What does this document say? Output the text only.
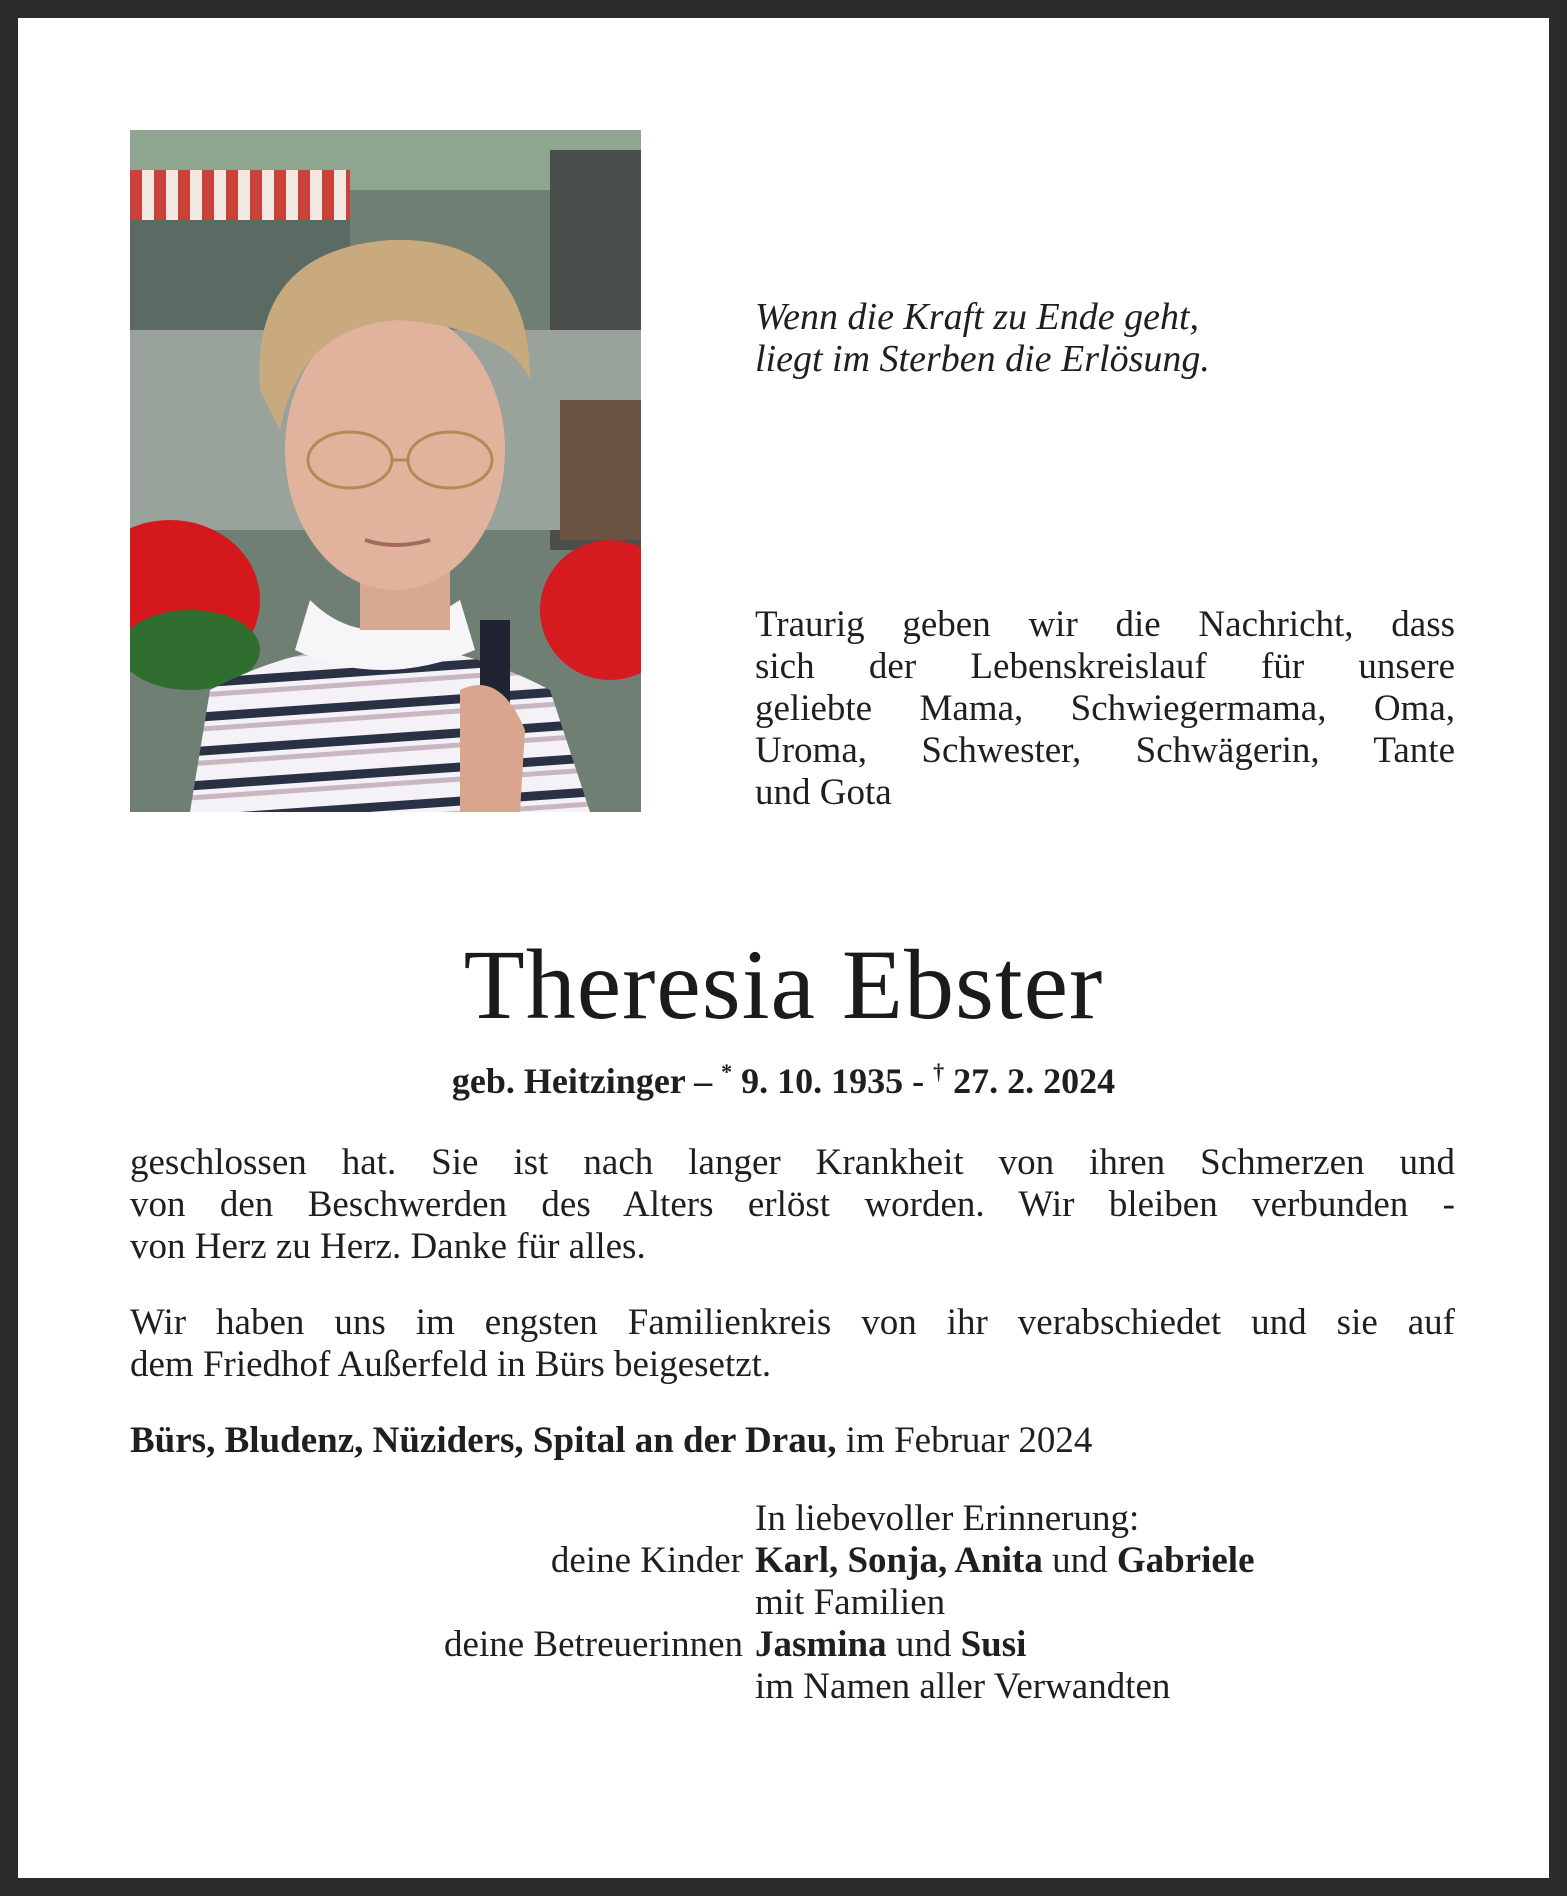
Wenn die Kraft zu Ende geht,
liegt im Sterben die Erlösung.
Traurig geben wir die Nachricht, dass
sich der Lebenskreislauf für unsere
geliebte Mama, Schwiegermama, Oma,
Uroma, Schwester, Schwägerin, Tante
und Gota
Theresia Ebster
geb. Heitzinger – * 9. 10. 1935 - † 27. 2. 2024
geschlossen hat. Sie ist nach langer Krankheit von ihren Schmerzen und
von den Beschwerden des Alters erlöst worden. Wir bleiben verbunden -
von Herz zu Herz. Danke für alles.
Wir haben uns im engsten Familienkreis von ihr verabschiedet und sie auf
dem Friedhof Außerfeld in Bürs beigesetzt.
Bürs, Bludenz, Nüziders, Spital an der Drau, im Februar 2024
In liebevoller Erinnerung:
deine Kinder Karl, Sonja, Anita und Gabriele
mit Familien
deine Betreuerinnen Jasmina und Susi
im Namen aller Verwandten
